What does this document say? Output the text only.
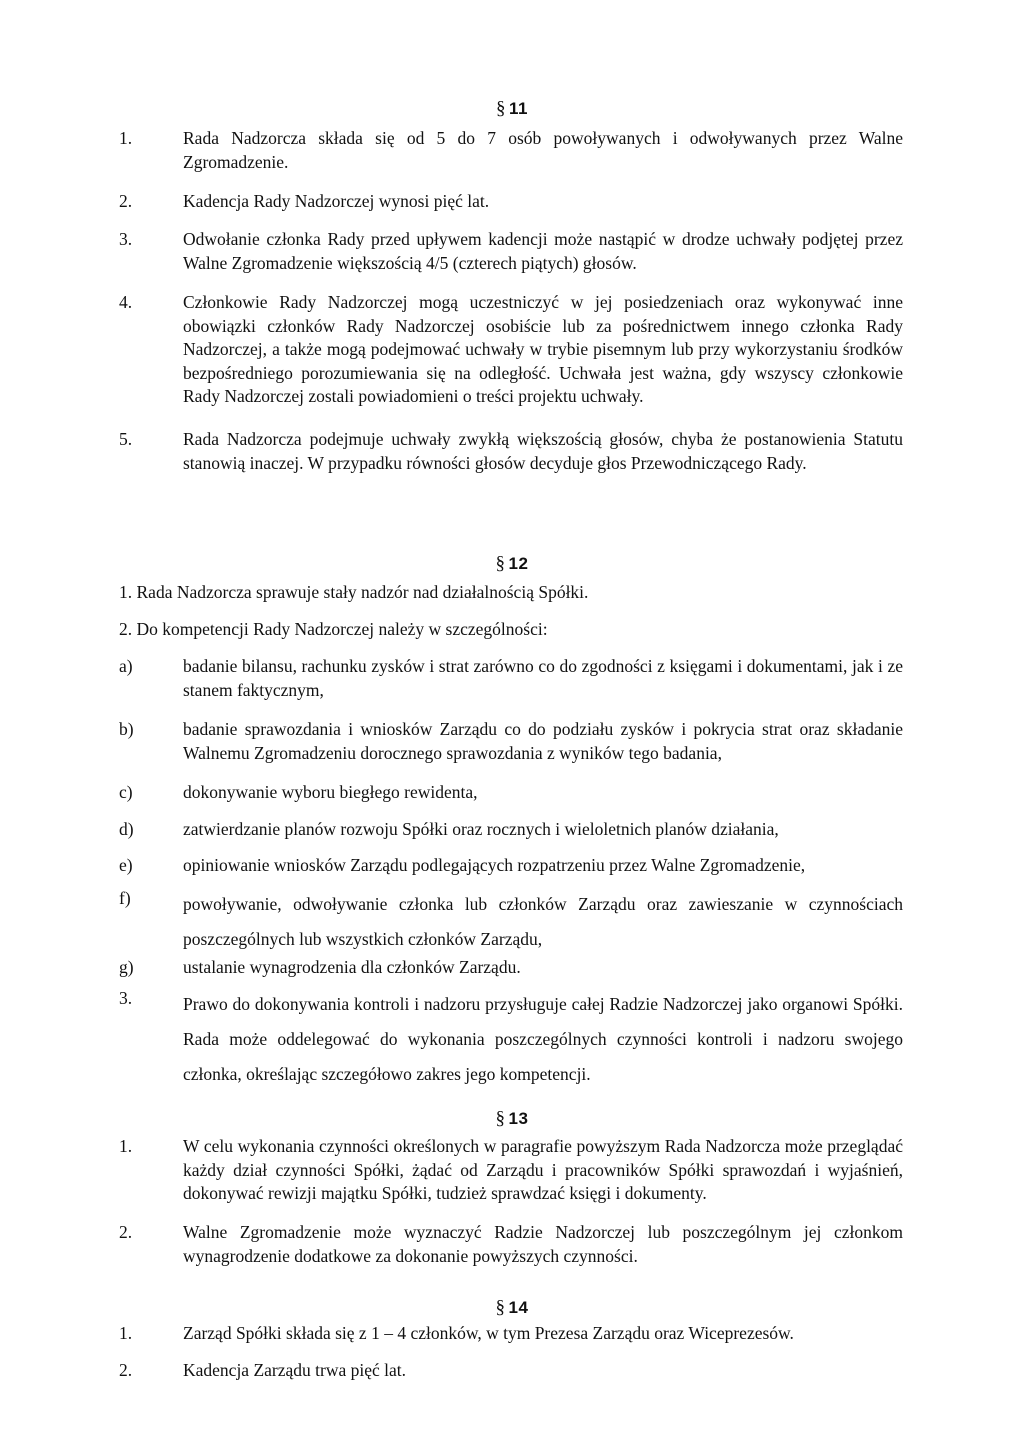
§ 11
1.	Rada Nadzorcza składa się od 5 do 7 osób powoływanych i odwoływanych przez Walne Zgromadzenie.
2.	Kadencja Rady Nadzorczej wynosi pięć lat.
3.	Odwołanie członka Rady przed upływem kadencji może nastąpić w drodze uchwały podjętej przez Walne Zgromadzenie większością 4/5 (czterech piątych) głosów.
4.	Członkowie Rady Nadzorczej mogą uczestniczyć w jej posiedzeniach oraz wykonywać inne obowiązki członków Rady Nadzorczej osobiście lub za pośrednictwem innego członka Rady Nadzorczej, a także mogą podejmować uchwały w trybie pisemnym lub przy wykorzystaniu środków bezpośredniego porozumiewania się na odległość. Uchwała jest ważna, gdy wszyscy członkowie Rady Nadzorczej zostali powiadomieni o treści projektu uchwały.
5.	Rada Nadzorcza podejmuje uchwały zwykłą większością głosów, chyba że postanowienia Statutu stanowią inaczej. W przypadku równości głosów decyduje głos Przewodniczącego Rady.
§ 12
1. Rada Nadzorcza sprawuje stały nadzór nad działalnością Spółki.
2. Do kompetencji Rady Nadzorczej należy w szczególności:
a)	badanie bilansu, rachunku zysków i strat zarówno co do zgodności z księgami i dokumentami, jak i ze stanem faktycznym,
b)	badanie sprawozdania i wniosków Zarządu co do podziału zysków i pokrycia strat oraz składanie Walnemu Zgromadzeniu dorocznego sprawozdania z wyników tego badania,
c)	dokonywanie wyboru biegłego rewidenta,
d)	zatwierdzanie planów rozwoju Spółki oraz rocznych i wieloletnich planów działania,
e)	opiniowanie wniosków Zarządu podlegających rozpatrzeniu przez Walne Zgromadzenie,
f)	powoływanie, odwoływanie członka lub członków Zarządu oraz zawieszanie w czynnościach poszczególnych lub wszystkich członków Zarządu,
g)	ustalanie wynagrodzenia dla członków Zarządu.
3.	Prawo do dokonywania kontroli i nadzoru przysługuje całej Radzie Nadzorczej jako organowi Spółki. Rada może oddelegować do wykonania poszczególnych czynności kontroli i nadzoru swojego członka, określając szczegółowo zakres jego kompetencji.
§ 13
1.	W celu wykonania czynności określonych w paragrafie powyższym Rada Nadzorcza może przeglądać każdy dział czynności Spółki, żądać od Zarządu i pracowników Spółki sprawozdań i wyjaśnień, dokonywać rewizji majątku Spółki, tudzież sprawdzać księgi i dokumenty.
2.	Walne Zgromadzenie może wyznaczyć Radzie Nadzorczej lub poszczególnym jej członkom wynagrodzenie dodatkowe za dokonanie powyższych czynności.
§ 14
1.	Zarząd Spółki składa się z 1 – 4 członków, w tym Prezesa Zarządu oraz Wiceprezesów.
2.	Kadencja Zarządu trwa pięć lat.
